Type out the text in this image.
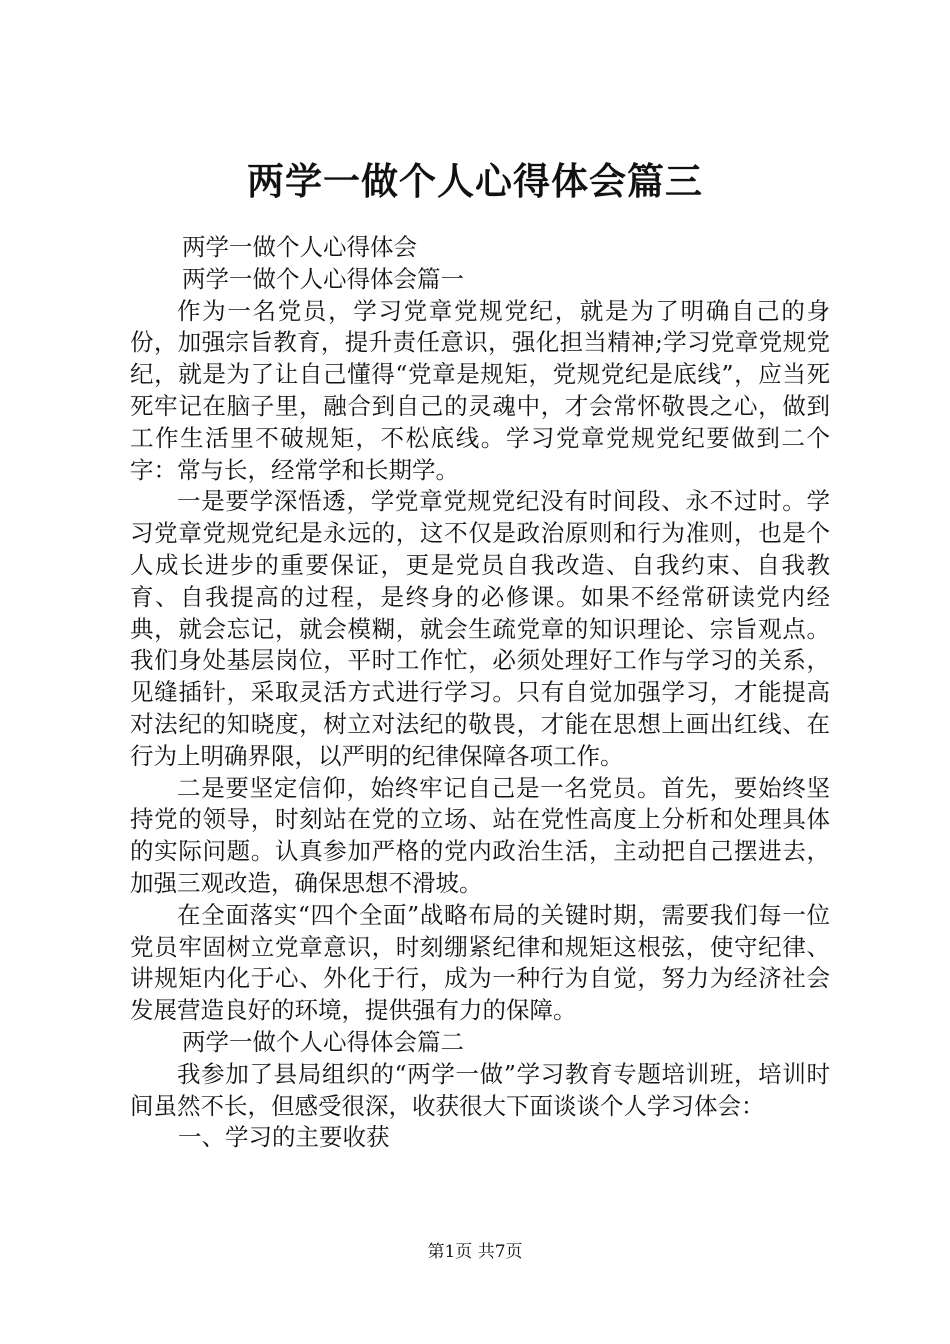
两学一做个人心得体会篇三

两学一做个人心得体会

两学一做个人心得体会篇一

作为一名党员，学习党章党规党纪，就是为了明确自己的身份，加强宗旨教育，提升责任意识，强化担当精神;学习党章党规党纪，就是为了让自己懂得“党章是规矩，党规党纪是底线”，应当死死牢记在脑子里，融合到自己的灵魂中，才会常怀敬畏之心，做到工作生活里不破规矩，不松底线。学习党章党规党纪要做到二个字：常与长，经常学和长期学。

一是要学深悟透，学党章党规党纪没有时间段、永不过时。学习党章党规党纪是永远的，这不仅是政治原则和行为准则，也是个人成长进步的重要保证，更是党员自我改造、自我约束、自我教育、自我提高的过程，是终身的必修课。如果不经常研读党内经典，就会忘记，就会模糊，就会生疏党章的知识理论、宗旨观点。我们身处基层岗位，平时工作忙，必须处理好工作与学习的关系，见缝插针，采取灵活方式进行学习。只有自觉加强学习，才能提高对法纪的知晓度，树立对法纪的敬畏，才能在思想上画出红线、在行为上明确界限，以严明的纪律保障各项工作。

二是要坚定信仰，始终牢记自己是一名党员。首先，要始终坚持党的领导，时刻站在党的立场、站在党性高度上分析和处理具体的实际问题。认真参加严格的党内政治生活，主动把自己摆进去，加强三观改造，确保思想不滑坡。

在全面落实“四个全面”战略布局的关键时期，需要我们每一位党员牢固树立党章意识，时刻绷紧纪律和规矩这根弦，使守纪律、讲规矩内化于心、外化于行，成为一种行为自觉，努力为经济社会发展营造良好的环境，提供强有力的保障。

两学一做个人心得体会篇二

我参加了县局组织的“两学一做”学习教育专题培训班，培训时间虽然不长，但感受很深，收获很大下面谈谈个人学习体会：

一、学习的主要收获

第1页 共7页
